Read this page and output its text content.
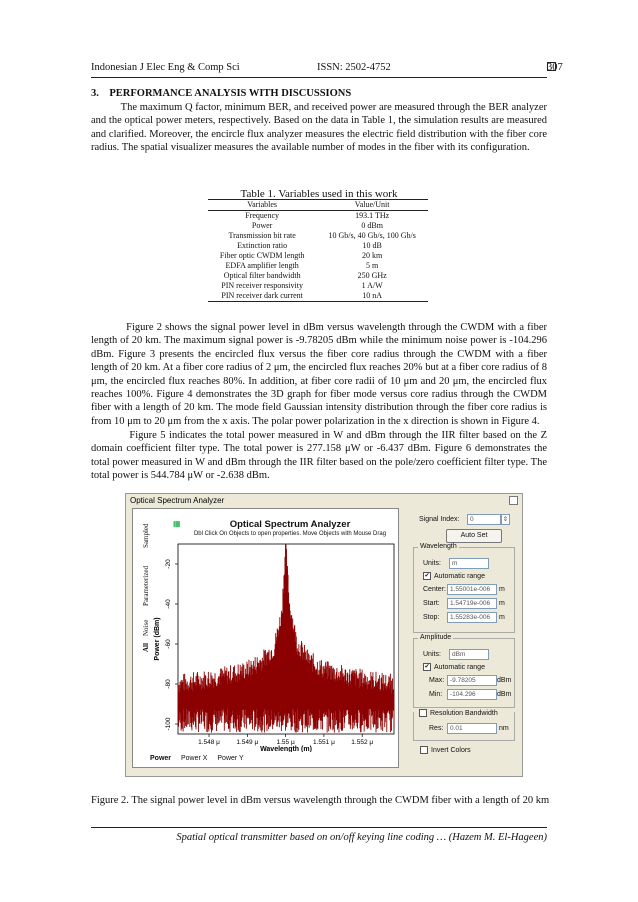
Indonesian J Elec Eng & Comp Sci	ISSN: 2502-4752	307
3.    PERFORMANCE ANALYSIS WITH DISCUSSIONS

The maximum Q factor, minimum BER, and received power are measured through the BER analyzer and the optical power meters, respectively. Based on the data in Table 1, the simulation results are measured and clarified. Moreover, the encircle flux analyzer measures the electric field distribution with the fiber core radius. The spatial visualizer measures the available number of modes in the fiber with its configuration.

Table 1. Variables used in this work
Variables	Value/Unit
Frequency	193.1 THz
Power	0 dBm
Transmission bit rate	10 Gb/s, 40 Gb/s, 100 Gb/s
Extinction ratio	10 dB
Fiber optic CWDM length	20 km
EDFA amplifier length	5 m
Optical filter bandwidth	250 GHz
PIN receiver responsivity	1 A/W
PIN receiver dark current	10 nA

Figure 2 shows the signal power level in dBm versus wavelength through the CWDM with a fiber length of 20 km. The maximum signal power is -9.78205 dBm while the minimum noise power is -104.296 dBm. Figure 3 presents the encircled flux versus the fiber core radius through the CWDM with a fiber length of 20 km. At a fiber core radius of 2 μm, the encircled flux reaches 20% but at a fiber core radius of 8 μm, the encircled flux reaches 80%. In addition, at fiber core radii of 10 μm and 20 μm, the encircled flux reaches 100%. Figure 4 demonstrates the 3D graph for fiber mode versus core radius through the CWDM fiber with a length of 20 km. The mode field Gaussian intensity distribution through the fiber core radius is from 10 μm to 20 μm from the x axis. The polar power polarization in the x direction is shown in Figure 4.

Figure 5 indicates the total power measured in W and dBm through the IIR filter based on the Z domain coefficient filter type. The total power is 277.158 μW or -6.437 dBm. Figure 6 demonstrates the total power measured in W and dBm through the IIR filter based on the pole/zero coefficient filter type. The total power is 544.784 μW or -2.638 dBm.

Optical Spectrum Analyzer
Sampled
Parameterized
Noise
All
▦	Optical Spectrum Analyzer
Dbl Click On Objects to open properties. Move Objects with Mouse Drag
-20
-40
-60
-80
-100
1.548 μ	1.549 μ	1.55 μ	1.551 μ	1.552 μ
Wavelength (m)
Power (dBm)
Power Power X Power Y
Signal Index:	0	⇕
Auto Set
Wavelength
Units:	m
✔ Automatic range
Center: 1.55001e-006	m
Start:	1.54719e-006	m
Stop:	1.55283e-006	m
Amplitude
Units:	dBm
✔ Automatic range
Max: -9.78205	dBm
Min:	-104.296	dBm
Resolution Bandwidth
Res:	0.01	nm
Invert Colors
Figure 2. The signal power level in dBm versus wavelength through the CWDM fiber with a length of 20 km
Spatial optical transmitter based on on/off keying line coding … (Hazem M. El-Hageen)
